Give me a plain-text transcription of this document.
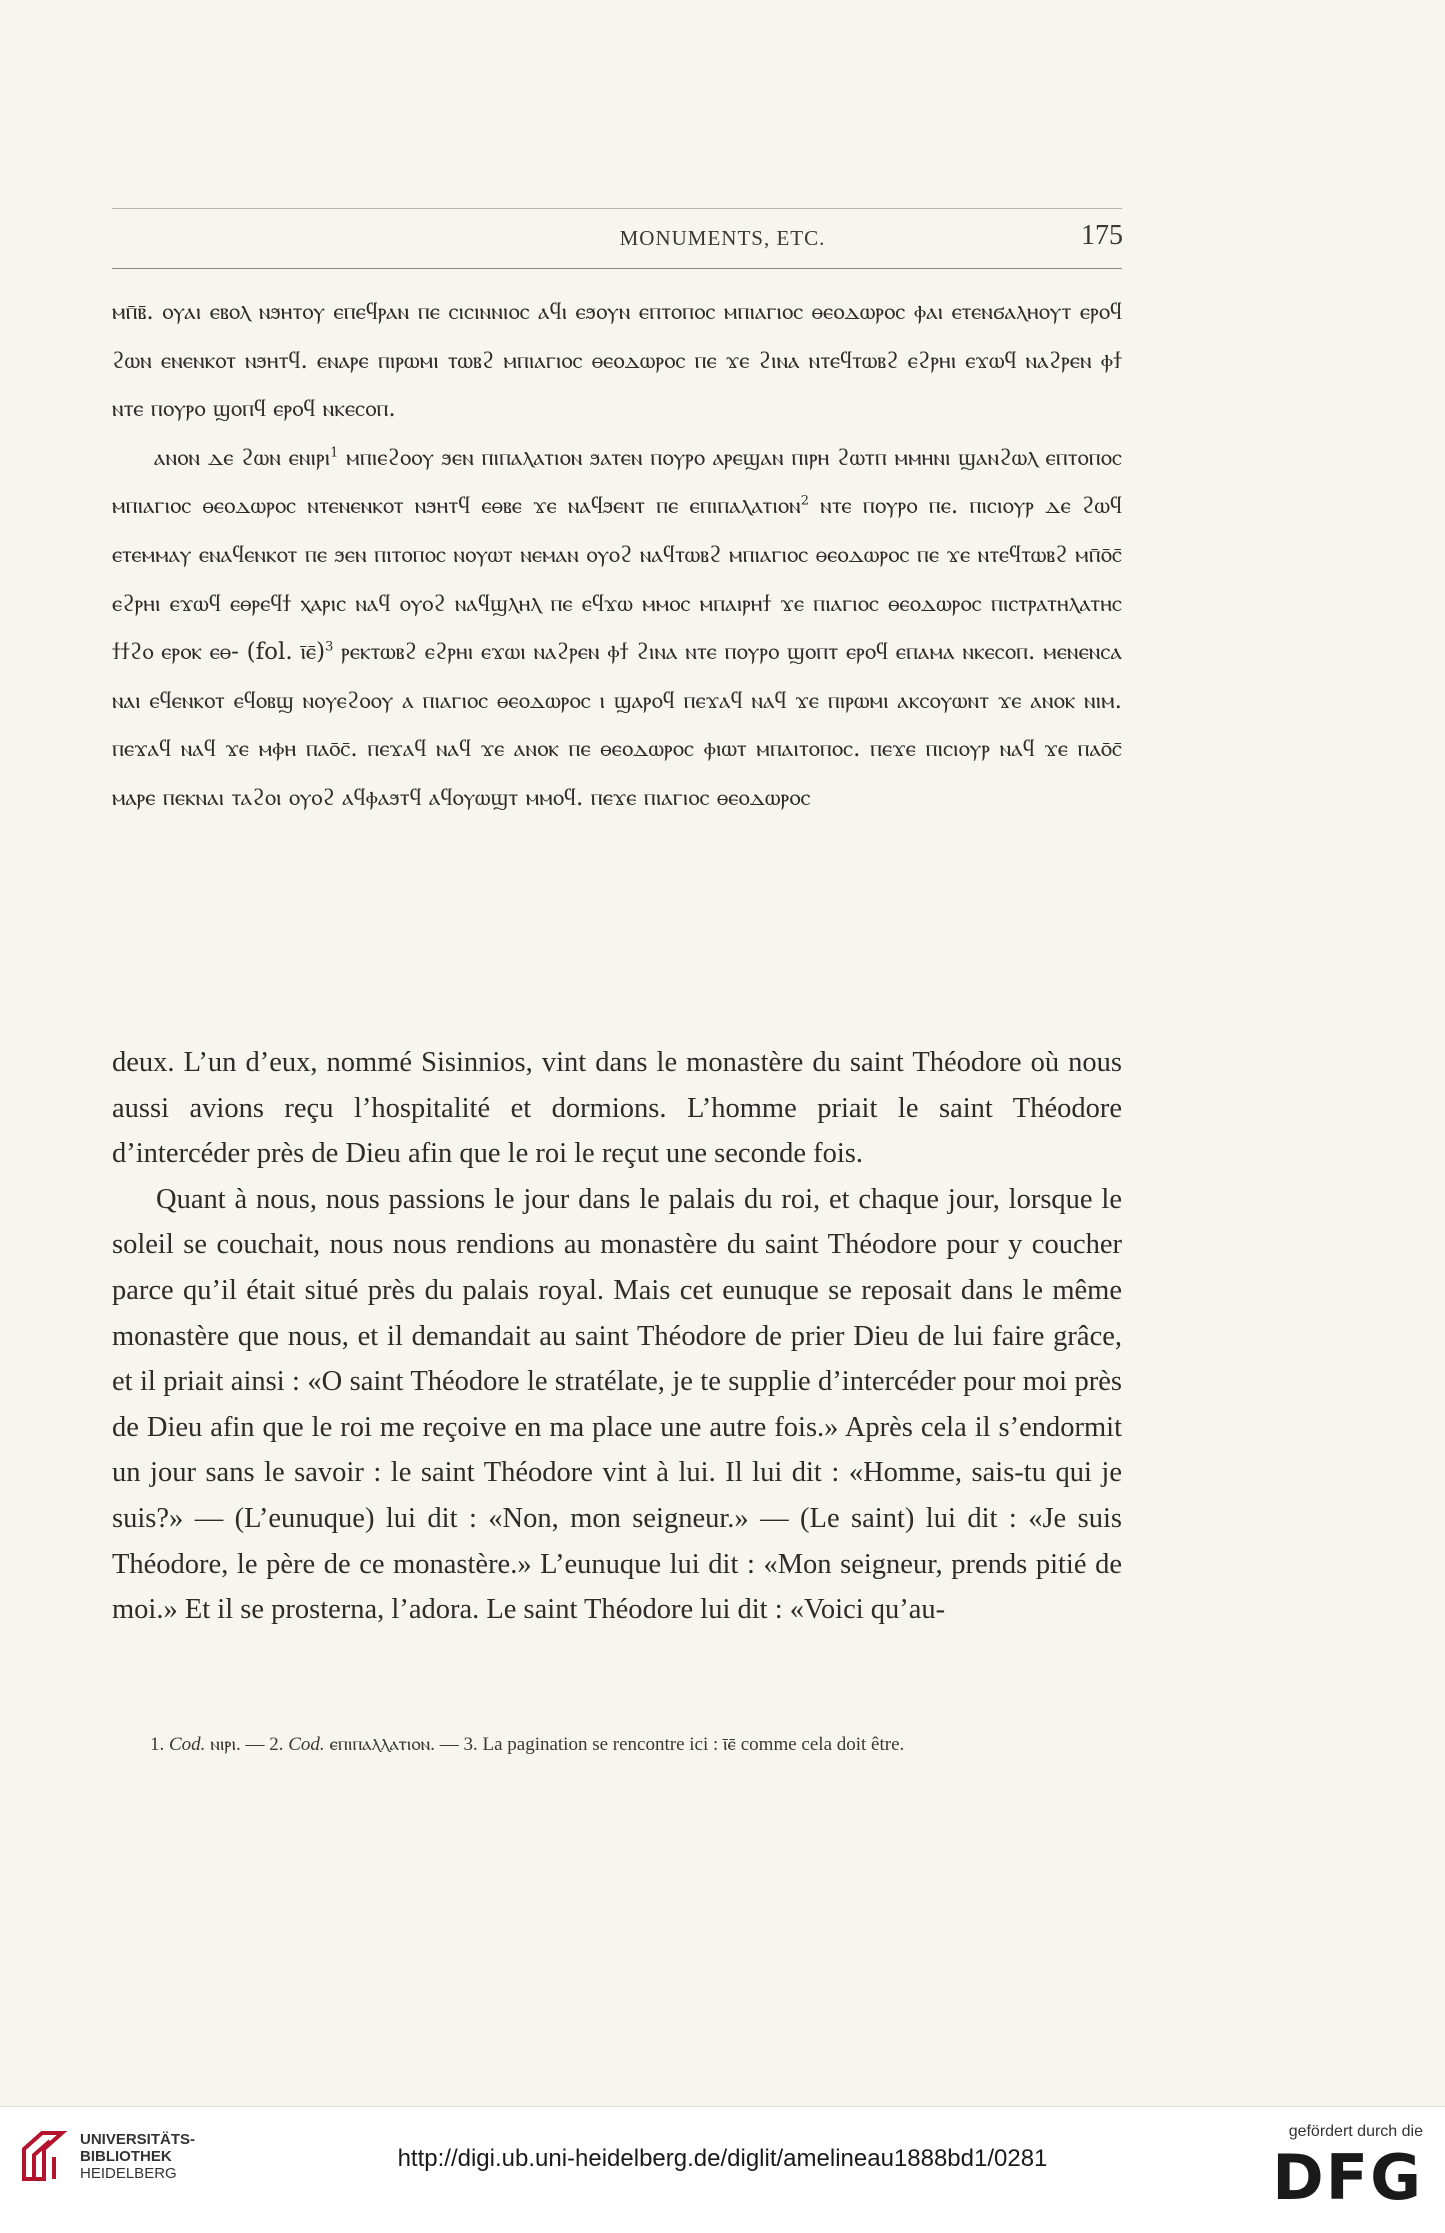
MONUMENTS, ETC.	175

ⲙⲡ̄ⲃ̄. ⲟⲩⲁⲓ ⲉⲃⲟⲗ ⲛϧⲏⲧⲟⲩ ⲉⲡⲉϥⲣⲁⲛ ⲡⲉ ⲥⲓⲥⲓⲛⲛⲓⲟⲥ ⲁϥⲓ ⲉϧⲟⲩⲛ ⲉⲡⲧⲟⲡⲟⲥ ⲙⲡⲓⲁⲅⲓⲟⲥ ⲑⲉⲟⲇⲱⲣⲟⲥ ⲫⲁⲓ ⲉⲧⲉⲛϭⲁⲗⲏⲟⲩⲧ ⲉⲣⲟϥ ϩⲱⲛ ⲉⲛⲉⲛⲕⲟⲧ ⲛϧⲏⲧϥ. ⲉⲛⲁⲣⲉ ⲡⲓⲣⲱⲙⲓ ⲧⲱⲃϩ ⲙⲡⲓⲁⲅⲓⲟⲥ ⲑⲉⲟⲇⲱⲣⲟⲥ ⲡⲉ ϫⲉ ϩⲓⲛⲁ ⲛⲧⲉϥⲧⲱⲃϩ ⲉϩⲣⲏⲓ ⲉϫⲱϥ ⲛⲁϩⲣⲉⲛ ⲫϯ ⲛⲧⲉ ⲡⲟⲩⲣⲟ ϣⲟⲡϥ ⲉⲣⲟϥ ⲛⲕⲉⲥⲟⲡ.

ⲁⲛⲟⲛ ⲇⲉ ϩⲱⲛ ⲉⲛⲓⲣⲓ$^1$ ⲙⲡⲓⲉϩⲟⲟⲩ ϧⲉⲛ ⲡⲓⲡⲁⲗⲁⲧⲓⲟⲛ ϧⲁⲧⲉⲛ ⲡⲟⲩⲣⲟ ⲁⲣⲉϣⲁⲛ ⲡⲓⲣⲏ ϩⲱⲧⲡ ⲙⲙⲏⲛⲓ ϣⲁⲛϩⲱⲗ ⲉⲡⲧⲟⲡⲟⲥ ⲙⲡⲓⲁⲅⲓⲟⲥ ⲑⲉⲟⲇⲱⲣⲟⲥ ⲛⲧⲉⲛⲉⲛⲕⲟⲧ ⲛϧⲏⲧϥ ⲉⲑⲃⲉ ϫⲉ ⲛⲁϥϧⲉⲛⲧ ⲡⲉ ⲉⲡⲓⲡⲁⲗⲁⲧⲓⲟⲛ$^2$ ⲛⲧⲉ ⲡⲟⲩⲣⲟ ⲡⲉ. ⲡⲓⲥⲓⲟⲩⲣ ⲇⲉ ϩⲱϥ ⲉⲧⲉⲙⲙⲁⲩ ⲉⲛⲁϥⲉⲛⲕⲟⲧ ⲡⲉ ϧⲉⲛ ⲡⲓⲧⲟⲡⲟⲥ ⲛⲟⲩⲱⲧ ⲛⲉⲙⲁⲛ ⲟⲩⲟϩ ⲛⲁϥⲧⲱⲃϩ ⲙⲡⲓⲁⲅⲓⲟⲥ ⲑⲉⲟⲇⲱⲣⲟⲥ ⲡⲉ ϫⲉ ⲛⲧⲉϥⲧⲱⲃϩ ⲙⲡ̄ⲟ̄ⲥ̄ ⲉϩⲣⲏⲓ ⲉϫⲱϥ ⲉⲑⲣⲉϥϯ ⲭⲁⲣⲓⲥ ⲛⲁϥ ⲟⲩⲟϩ ⲛⲁϥϣⲗⲏⲗ ⲡⲉ ⲉϥϫⲱ ⲙⲙⲟⲥ ⲙⲡⲁⲓⲣⲏϯ ϫⲉ ⲡⲓⲁⲅⲓⲟⲥ ⲑⲉⲟⲇⲱⲣⲟⲥ ⲡⲓⲥⲧⲣⲁⲧⲏⲗⲁⲧⲏⲥ ϯϯϩⲟ ⲉⲣⲟⲕ ⲉⲑ- (fol. ⲓ̄ⲉ̄)$^3$ ⲣⲉⲕⲧⲱⲃϩ ⲉϩⲣⲏⲓ ⲉϫⲱⲓ ⲛⲁϩⲣⲉⲛ ⲫϯ ϩⲓⲛⲁ ⲛⲧⲉ ⲡⲟⲩⲣⲟ ϣⲟⲡⲧ ⲉⲣⲟϥ ⲉⲡⲁⲙⲁ ⲛⲕⲉⲥⲟⲡ. ⲙⲉⲛⲉⲛⲥⲁ ⲛⲁⲓ ⲉϥⲉⲛⲕⲟⲧ ⲉϥⲟⲃϣ ⲛⲟⲩⲉϩⲟⲟⲩ ⲁ ⲡⲓⲁⲅⲓⲟⲥ ⲑⲉⲟⲇⲱⲣⲟⲥ ⲓ ϣⲁⲣⲟϥ ⲡⲉϫⲁϥ ⲛⲁϥ ϫⲉ ⲡⲓⲣⲱⲙⲓ ⲁⲕⲥⲟⲩⲱⲛⲧ ϫⲉ ⲁⲛⲟⲕ ⲛⲓⲙ. ⲡⲉϫⲁϥ ⲛⲁϥ ϫⲉ ⲙⲫⲏ ⲡⲁⲟ̄ⲥ̄. ⲡⲉϫⲁϥ ⲛⲁϥ ϫⲉ ⲁⲛⲟⲕ ⲡⲉ ⲑⲉⲟⲇⲱⲣⲟⲥ ⲫⲓⲱⲧ ⲙⲡⲁⲓⲧⲟⲡⲟⲥ. ⲡⲉϫⲉ ⲡⲓⲥⲓⲟⲩⲣ ⲛⲁϥ ϫⲉ ⲡⲁⲟ̄ⲥ̄ ⲙⲁⲣⲉ ⲡⲉⲕⲛⲁⲓ ⲧⲁϩⲟⲓ ⲟⲩⲟϩ ⲁϥⲫⲁϧⲧϥ ⲁϥⲟⲩⲱϣⲧ ⲙⲙⲟϥ. ⲡⲉϫⲉ ⲡⲓⲁⲅⲓⲟⲥ ⲑⲉⲟⲇⲱⲣⲟⲥ

deux. L’un d’eux, nommé Sisinnios, vint dans le monastère du saint Théodore où nous aussi avions reçu l’hospitalité et dormions. L’homme priait le saint Théodore d’intercéder près de Dieu afin que le roi le reçut une seconde fois.

Quant à nous, nous passions le jour dans le palais du roi, et chaque jour, lorsque le soleil se couchait, nous nous rendions au monastère du saint Théodore pour y coucher parce qu’il était situé près du palais royal. Mais cet eunuque se reposait dans le même monastère que nous, et il demandait au saint Théodore de prier Dieu de lui faire grâce, et il priait ainsi : «O saint Théodore le stratélate, je te supplie d’intercéder pour moi près de Dieu afin que le roi me reçoive en ma place une autre fois.» Après cela il s’endormit un jour sans le savoir : le saint Théodore vint à lui. Il lui dit : «Homme, sais-tu qui je suis?» — (L’eunuque) lui dit : «Non, mon seigneur.» — (Le saint) lui dit : «Je suis Théodore, le père de ce monastère.» L’eunuque lui dit : «Mon seigneur, prends pitié de moi.» Et il se prosterna, l’adora. Le saint Théodore lui dit : «Voici qu’au-

1. Cod. ⲛⲓⲣⲓ. — 2. Cod. ⲉⲡⲓⲡⲁⲗⲗⲁⲧⲓⲟⲛ. — 3. La pagination se rencontre ici : ⲓ̄ⲉ̄ comme cela doit être.

UNIVERSITÄTS-
BIBLIOTHEK
HEIDELBERG
http://digi.ub.uni-heidelberg.de/diglit/amelineau1888bd1/0281
gefördert durch die
DFG
